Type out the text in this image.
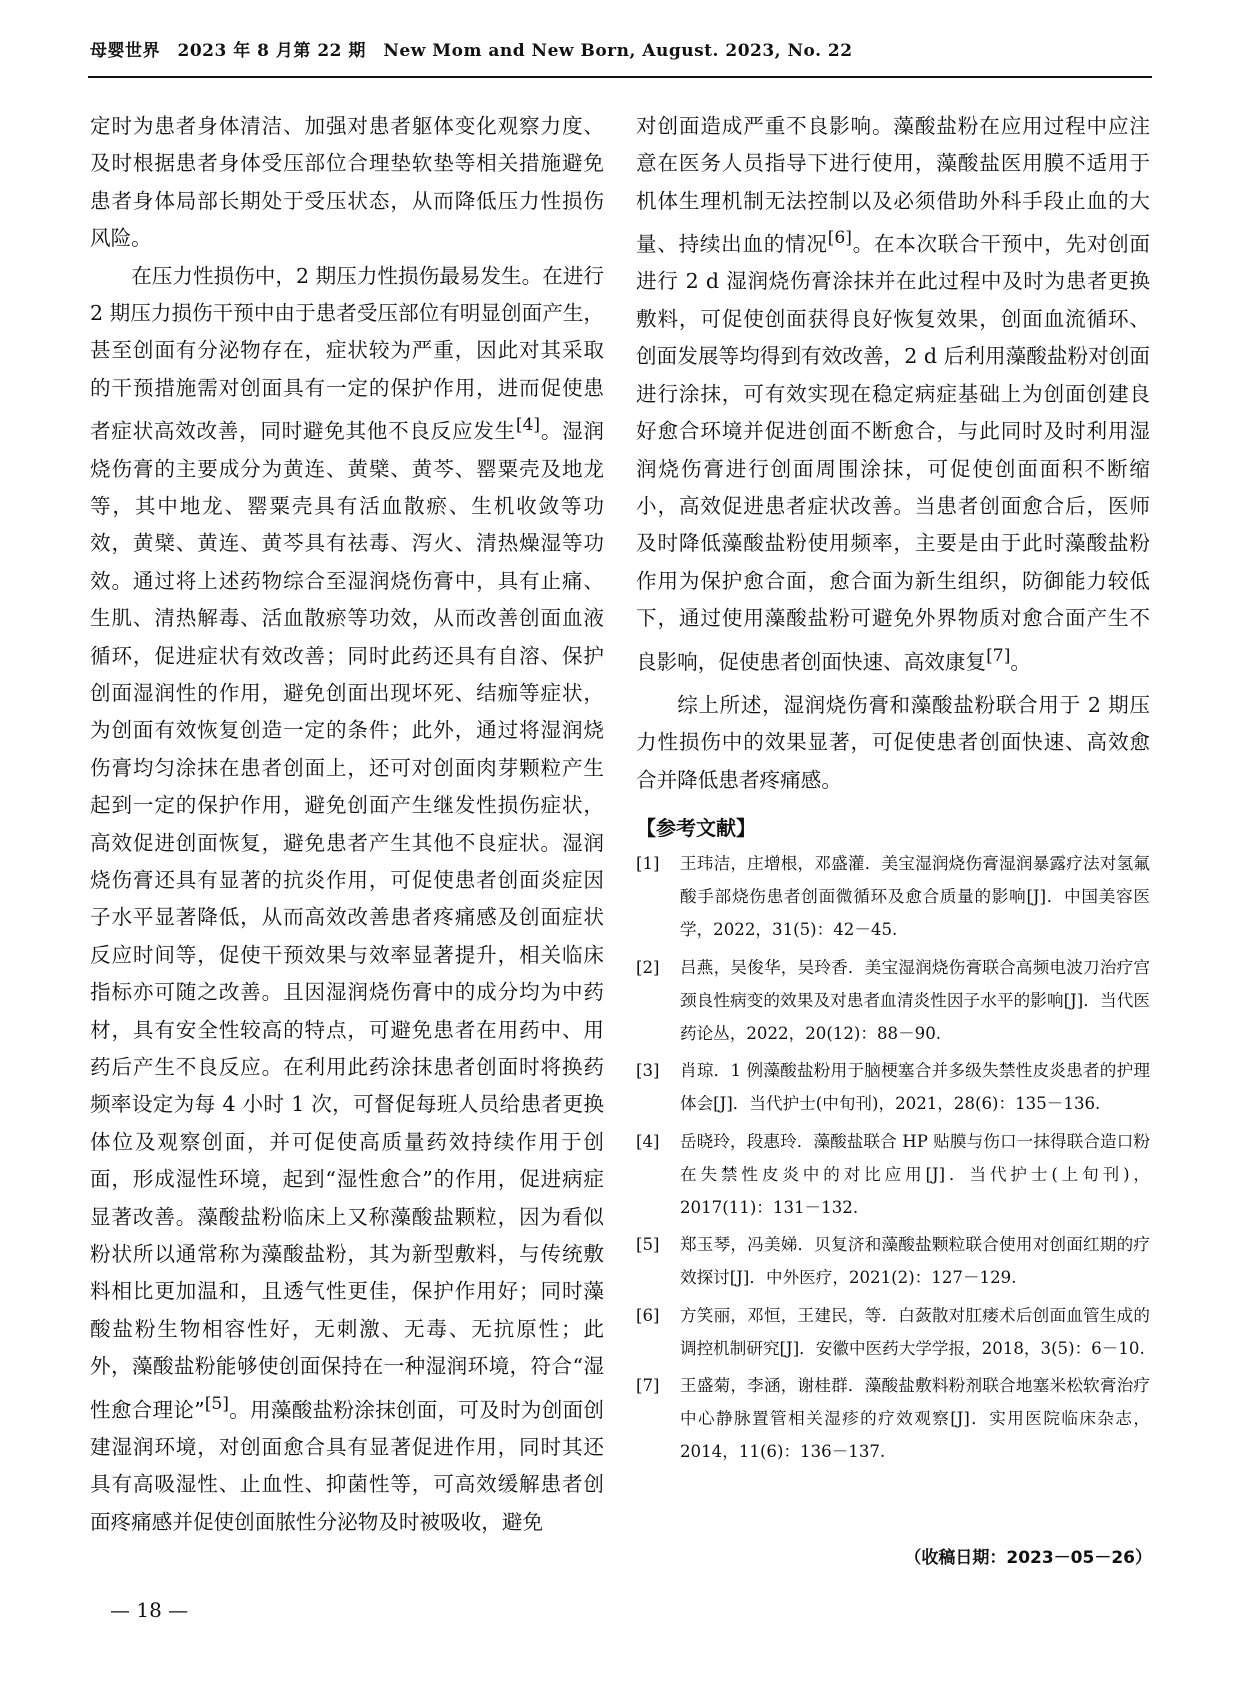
母婴世界　2023 年 8 月第 22 期　New Mom and New Born, August. 2023, No. 22

定时为患者身体清洁、加强对患者躯体变化观察力度、及时根据患者身体受压部位合理垫软垫等相关措施避免患者身体局部长期处于受压状态，从而降低压力性损伤风险。

在压力性损伤中，2 期压力性损伤最易发生。在进行 2 期压力损伤干预中由于患者受压部位有明显创面产生，甚至创面有分泌物存在，症状较为严重，因此对其采取的干预措施需对创面具有一定的保护作用，进而促使患者症状高效改善，同时避免其他不良反应发生[4]。湿润烧伤膏的主要成分为黄连、黄檗、黄芩、罂粟壳及地龙等，其中地龙、罂粟壳具有活血散瘀、生机收敛等功效，黄檗、黄连、黄芩具有祛毒、泻火、清热燥湿等功效。通过将上述药物综合至湿润烧伤膏中，具有止痛、生肌、清热解毒、活血散瘀等功效，从而改善创面血液循环，促进症状有效改善；同时此药还具有自溶、保护创面湿润性的作用，避免创面出现坏死、结痂等症状，为创面有效恢复创造一定的条件；此外，通过将湿润烧伤膏均匀涂抹在患者创面上，还可对创面肉芽颗粒产生起到一定的保护作用，避免创面产生继发性损伤症状，高效促进创面恢复，避免患者产生其他不良症状。湿润烧伤膏还具有显著的抗炎作用，可促使患者创面炎症因子水平显著降低，从而高效改善患者疼痛感及创面症状反应时间等，促使干预效果与效率显著提升，相关临床指标亦可随之改善。且因湿润烧伤膏中的成分均为中药材，具有安全性较高的特点，可避免患者在用药中、用药后产生不良反应。在利用此药涂抹患者创面时将换药频率设定为每 4 小时 1 次，可督促每班人员给患者更换体位及观察创面，并可促使高质量药效持续作用于创面，形成湿性环境，起到“湿性愈合”的作用，促进病症显著改善。藻酸盐粉临床上又称藻酸盐颗粒，因为看似粉状所以通常称为藻酸盐粉，其为新型敷料，与传统敷料相比更加温和，且透气性更佳，保护作用好；同时藻酸盐粉生物相容性好，无刺激、无毒、无抗原性；此外，藻酸盐粉能够使创面保持在一种湿润环境，符合“湿性愈合理论”[5]。用藻酸盐粉涂抹创面，可及时为创面创建湿润环境，对创面愈合具有显著促进作用，同时其还具有高吸湿性、止血性、抑菌性等，可高效缓解患者创面疼痛感并促使创面脓性分泌物及时被吸收，避免

对创面造成严重不良影响。藻酸盐粉在应用过程中应注意在医务人员指导下进行使用，藻酸盐医用膜不适用于机体生理机制无法控制以及必须借助外科手段止血的大量、持续出血的情况[6]。在本次联合干预中，先对创面进行 2 d 湿润烧伤膏涂抹并在此过程中及时为患者更换敷料，可促使创面获得良好恢复效果，创面血流循环、创面发展等均得到有效改善，2 d 后利用藻酸盐粉对创面进行涂抹，可有效实现在稳定病症基础上为创面创建良好愈合环境并促进创面不断愈合，与此同时及时利用湿润烧伤膏进行创面周围涂抹，可促使创面面积不断缩小，高效促进患者症状改善。当患者创面愈合后，医师及时降低藻酸盐粉使用频率，主要是由于此时藻酸盐粉作用为保护愈合面，愈合面为新生组织，防御能力较低下，通过使用藻酸盐粉可避免外界物质对愈合面产生不良影响，促使患者创面快速、高效康复[7]。

综上所述，湿润烧伤膏和藻酸盐粉联合用于 2 期压力性损伤中的效果显著，可促使患者创面快速、高效愈合并降低患者疼痛感。

【参考文献】
[1]	王玮洁，庄增根，邓盛灌．美宝湿润烧伤膏湿润暴露疗法对氢氟酸手部烧伤患者创面微循环及愈合质量的影响[J]．中国美容医学，2022，31(5)：42－45.
[2]	吕燕，吴俊华，吴玲香．美宝湿润烧伤膏联合高频电波刀治疗宫颈良性病变的效果及对患者血清炎性因子水平的影响[J]．当代医药论丛，2022，20(12)：88－90.
[3]	肖琼．1 例藻酸盐粉用于脑梗塞合并多级失禁性皮炎患者的护理体会[J]．当代护士(中旬刊)，2021，28(6)：135－136.
[4]	岳晓玲，段惠玲．藻酸盐联合 HP 贴膜与伤口一抹得联合造口粉在失禁性皮炎中的对比应用[J]．当代护士(上旬刊)，2017(11)：131－132.
[5]	郑玉琴，冯美娣．贝复济和藻酸盐颗粒联合使用对创面红期的疗效探讨[J]．中外医疗，2021(2)：127－129.
[6]	方笑丽，邓恒，王建民，等．白蔹散对肛瘘术后创面血管生成的调控机制研究[J]．安徽中医药大学学报，2018，3(5)：6－10.
[7]	王盛菊，李涵，谢桂群．藻酸盐敷料粉剂联合地塞米松软膏治疗中心静脉置管相关湿疹的疗效观察[J]．实用医院临床杂志，2014，11(6)：136－137.
（收稿日期：2023－05－26）
— 18 —
